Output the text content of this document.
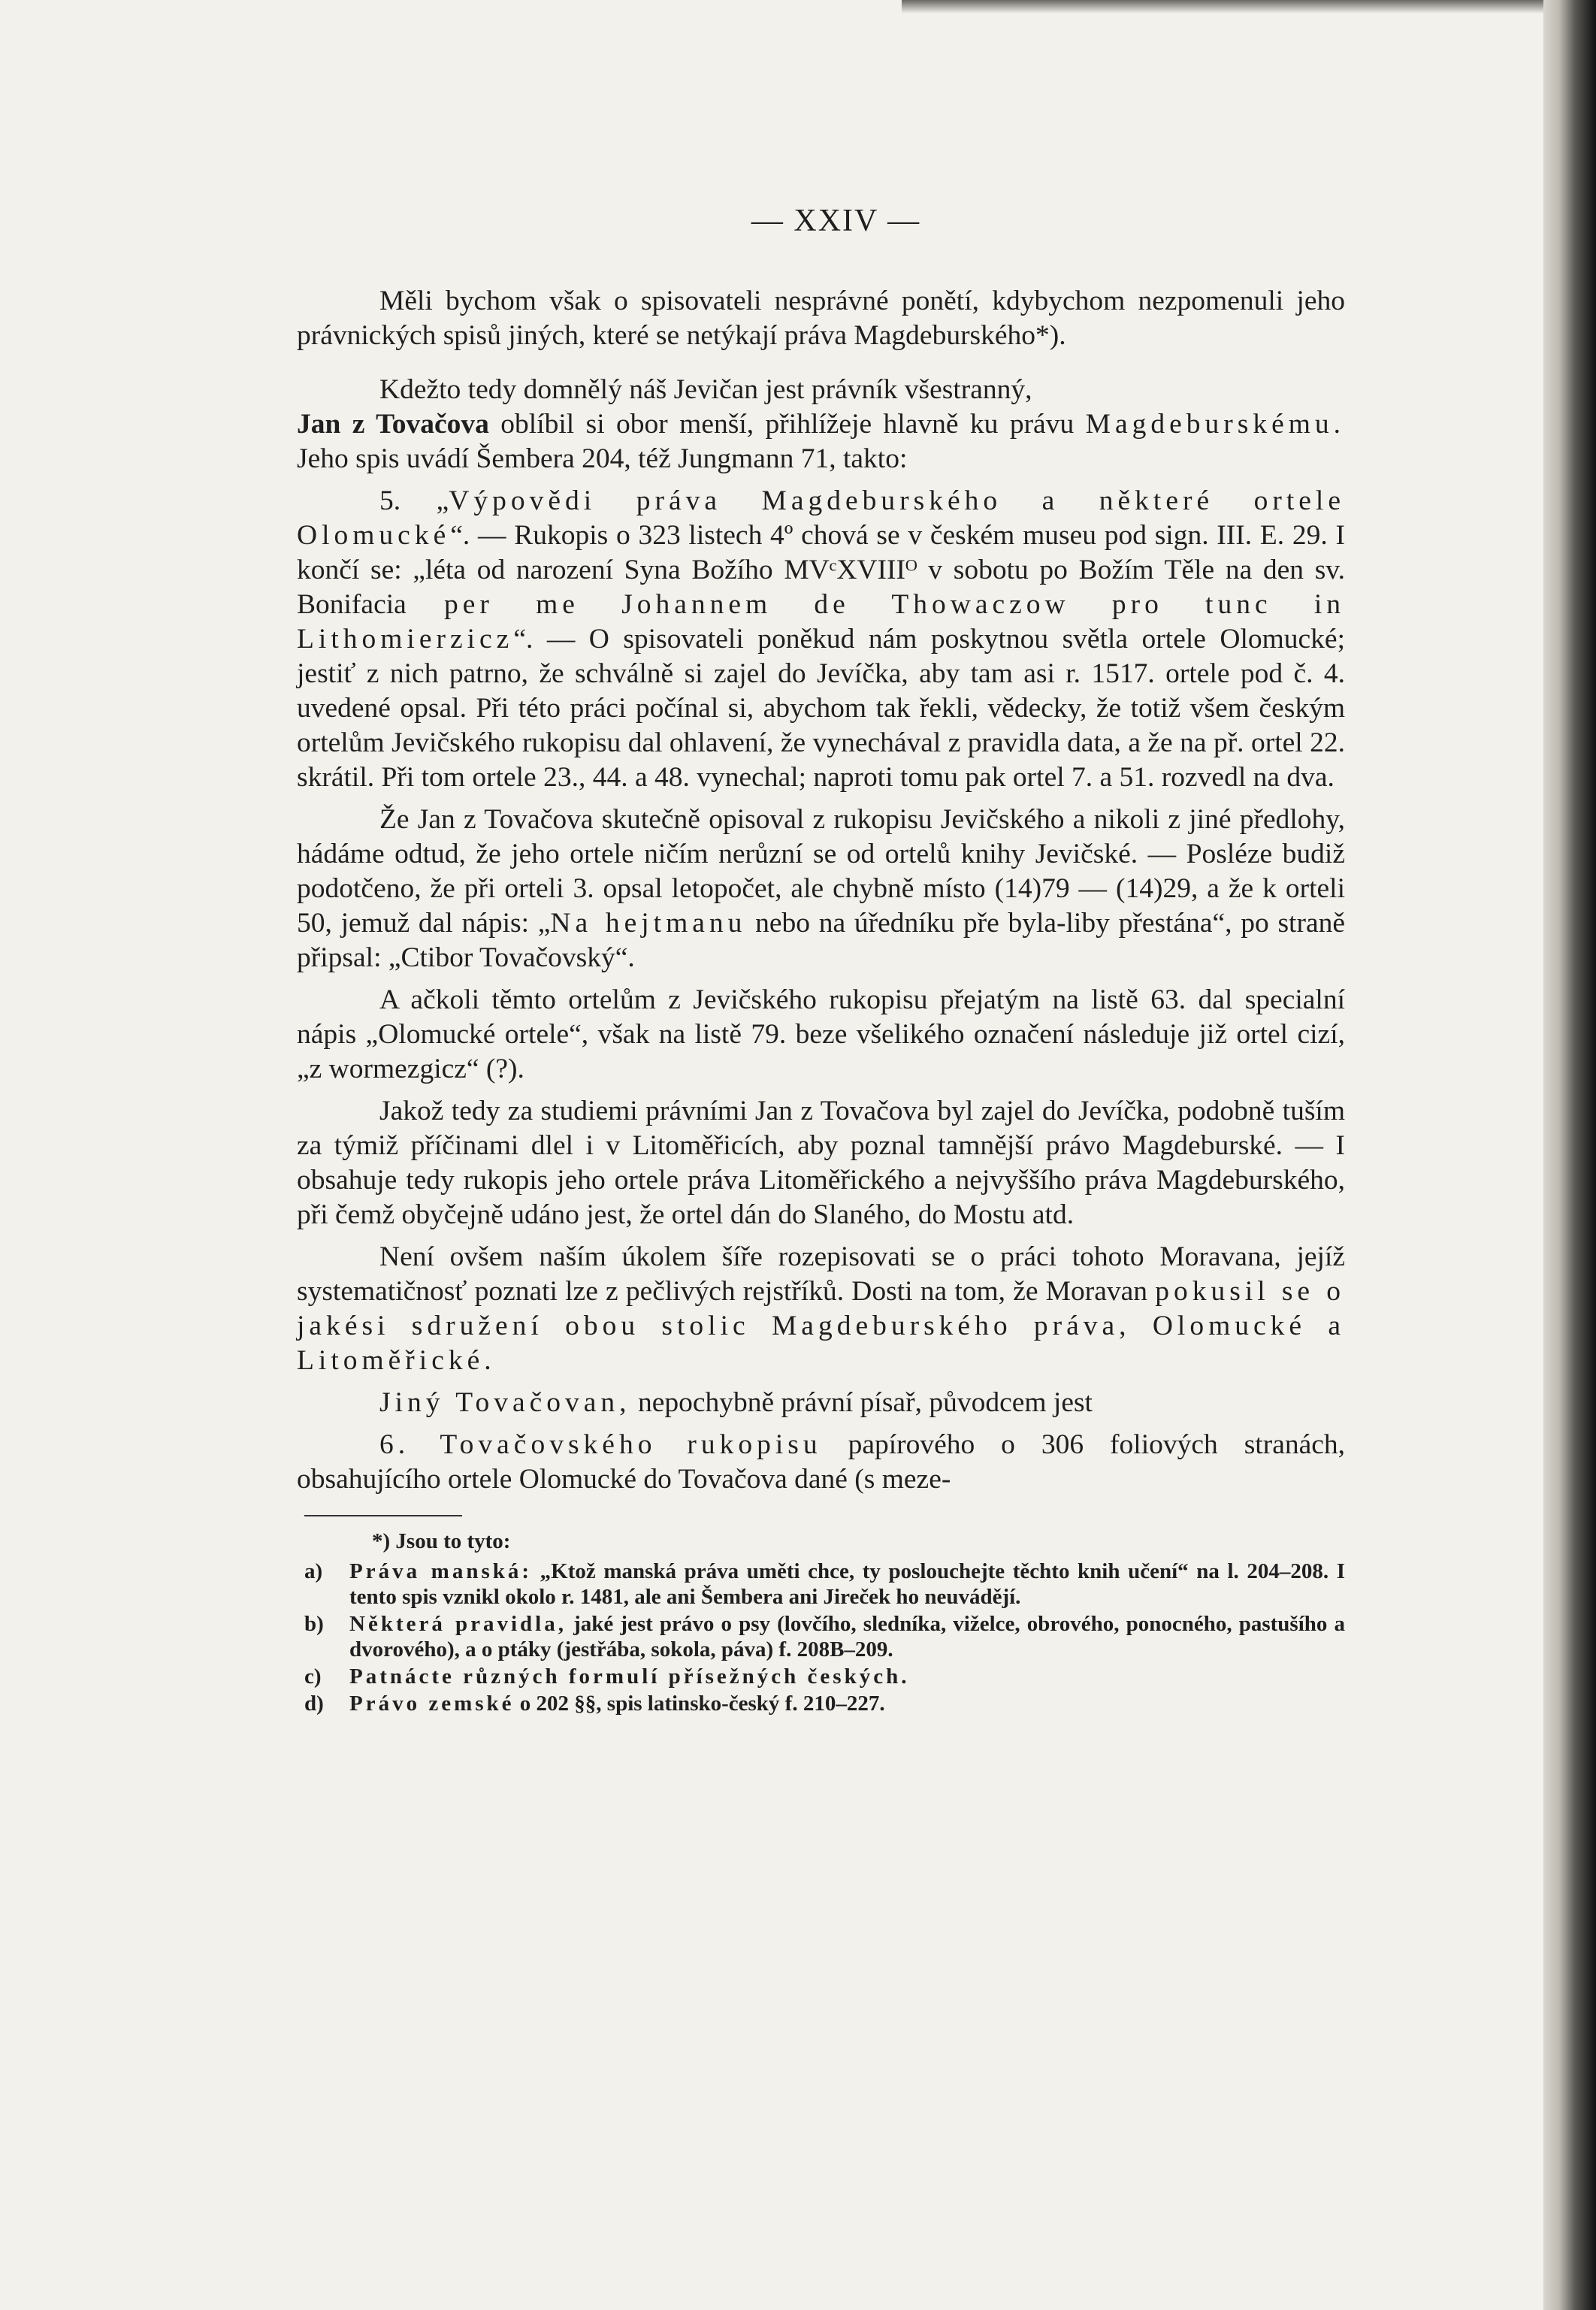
— XXIV —

Měli bychom však o spisovateli nesprávné ponětí, kdybychom nezpomenuli jeho právnických spisů jiných, které se netýkají práva Magdeburského*).

Kdežto tedy domnělý náš Jevičan jest právník všestranný,
Jan z Tovačova oblíbil si obor menší, přihlížeje hlavně ku právu Magdeburskému. Jeho spis uvádí Šembera 204, též Jungmann 71, takto:

5. „Výpovědi práva Magdeburského a některé ortele Olomucké“. — Rukopis o 323 listech 4º chová se v českém museu pod sign. III. E. 29. I končí se: „léta od narození Syna Božího MVᶜXVIIIᴼ v sobotu po Božím Těle na den sv. Bonifacia per me Johannem de Thowaczow pro tunc in Lithomierzicz“. — O spisovateli poněkud nám poskytnou světla ortele Olomucké; jestiť z nich patrno, že schválně si zajel do Jevíčka, aby tam asi r. 1517. ortele pod č. 4. uvedené opsal. Při této práci počínal si, abychom tak řekli, vědecky, že totiž všem českým ortelům Jevičského rukopisu dal ohlavení, že vynechával z pravidla data, a že na př. ortel 22. skrátil. Při tom ortele 23., 44. a 48. vynechal; naproti tomu pak ortel 7. a 51. rozvedl na dva.

Že Jan z Tovačova skutečně opisoval z rukopisu Jevičského a nikoli z jiné předlohy, hádáme odtud, že jeho ortele ničím nerůzní se od ortelů knihy Jevičské. — Posléze budiž podotčeno, že při orteli 3. opsal letopočet, ale chybně místo (14)79 — (14)29, a že k orteli 50, jemuž dal nápis: „Na hejtmanu nebo na úředníku pře byla-liby přestána“, po straně připsal: „Ctibor Tovačovský“.

A ačkoli těmto ortelům z Jevičského rukopisu přejatým na listě 63. dal specialní nápis „Olomucké ortele“, však na listě 79. beze všelikého označení následuje již ortel cizí, „z wormezgicz“ (?).

Jakož tedy za studiemi právními Jan z Tovačova byl zajel do Jevíčka, podobně tuším za týmiž příčinami dlel i v Litoměřicích, aby poznal tamnější právo Magdeburské. — I obsahuje tedy rukopis jeho ortele práva Litoměřického a nejvyššího práva Magdeburského, při čemž obyčejně udáno jest, že ortel dán do Slaného, do Mostu atd.

Není ovšem naším úkolem šíře rozepisovati se o práci tohoto Moravana, jejíž systematičnosť poznati lze z pečlivých rejstříků. Dosti na tom, že Moravan pokusil se o jakési sdružení obou stolic Magdeburského práva, Olomucké a Litoměřické.

Jiný Tovačovan, nepochybně právní písař, původcem jest

6. Tovačovského rukopisu papírového o 306 foliových stranách, obsahujícího ortele Olomucké do Tovačova dané (s meze-

*) Jsou to tyto:
a)	Práva manská: „Ktož manská práva uměti chce, ty poslouchejte těchto knih učení“ na l. 204–208. I tento spis vznikl okolo r. 1481, ale ani Šembera ani Jireček ho neuvádějí.
b)	Některá pravidla, jaké jest právo o psy (lovčího, sledníka, viželce, obrového, ponocného, pastušího a dvorového), a o ptáky (jestřába, sokola, páva) f. 208B–209.
c)	Patnácte různých formulí přísežných českých.
d)	Právo zemské o 202 §§, spis latinsko-český f. 210–227.
